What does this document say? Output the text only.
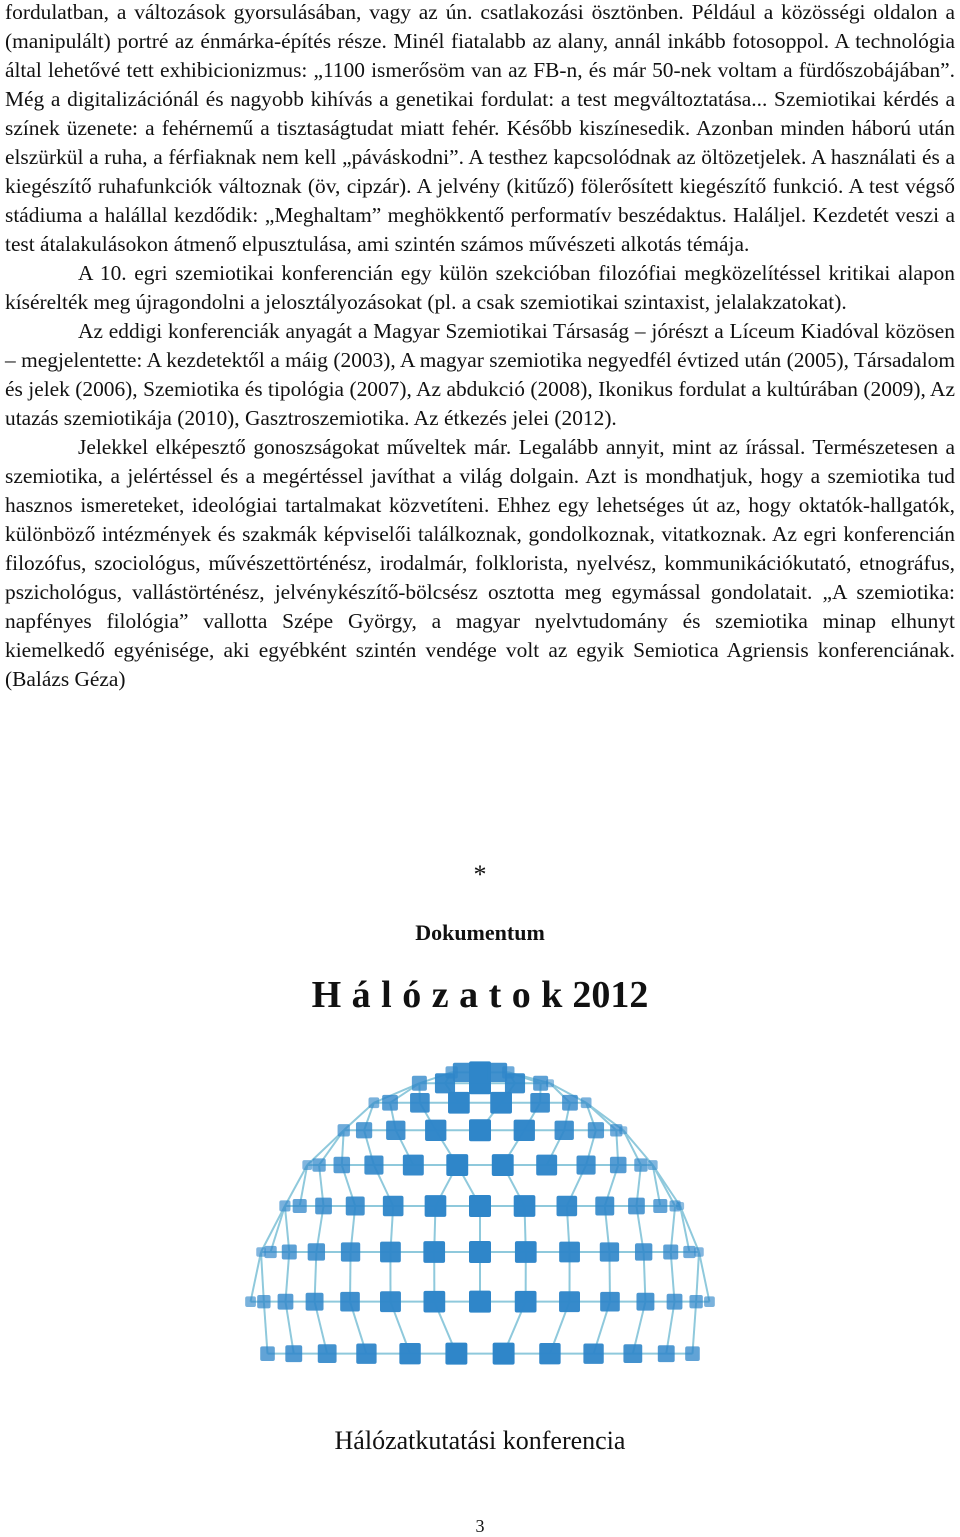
fordulatban, a változások gyorsulásában, vagy az ún. csatlakozási ösztönben. Például a közösségi oldalon a (manipulált) portré az énmárka-építés része. Minél fiatalabb az alany, annál inkább fotosoppol. A technológia által lehetővé tett exhibicionizmus: „1100 ismerősöm van az FB-n, és már 50-nek voltam a fürdőszobájában”. Még a digitalizációnál és nagyobb kihívás a genetikai fordulat: a test megváltoztatása... Szemiotikai kérdés a színek üzenete: a fehérnemű a tisztaságtudat miatt fehér. Később kiszínesedik. Azonban minden háború után elszürkül a ruha, a férfiaknak nem kell „páváskodni”. A testhez kapcsolódnak az öltözetjelek. A használati és a kiegészítő ruhafunkciók változnak (öv, cipzár). A jelvény (kitűző) fölerősített kiegészítő funkció. A test végső stádiuma a halállal kezdődik: „Meghaltam” meghökkentő performatív beszédaktus. Haláljel. Kezdetét veszi a test átalakulásokon átmenő elpusztulása, ami szintén számos művészeti alkotás témája.

A 10. egri szemiotikai konferencián egy külön szekcióban filozófiai megközelítéssel kritikai alapon kísérelték meg újragondolni a jelosztályozásokat (pl. a csak szemiotikai szintaxist, jelalakzatokat).

Az eddigi konferenciák anyagát a Magyar Szemiotikai Társaság – jórészt a Líceum Kiadóval közösen – megjelentette: A kezdetektől a máig (2003), A magyar szemiotika negyedfél évtized után (2005), Társadalom és jelek (2006), Szemiotika és tipológia (2007), Az abdukció (2008), Ikonikus fordulat a kultúrában (2009), Az utazás szemiotikája (2010), Gasztroszemiotika. Az étkezés jelei (2012).

Jelekkel elképesztő gonoszságokat műveltek már. Legalább annyit, mint az írással. Természetesen a szemiotika, a jelértéssel és a megértéssel javíthat a világ dolgain. Azt is mondhatjuk, hogy a szemiotika tud hasznos ismereteket, ideológiai tartalmakat közvetíteni. Ehhez egy lehetséges út az, hogy oktatók-hallgatók, különböző intézmények és szakmák képviselői találkoznak, gondolkoznak, vitatkoznak. Az egri konferencián filozófus, szociológus, művészettörténész, irodalmár, folklorista, nyelvész, kommunikációkutató, etnográfus, pszichológus, vallástörténész, jelvénykészítő-bölcsész osztotta meg egymással gondolatait. „A szemiotika: napfényes filológia” vallotta Szépe György, a magyar nyelvtudomány és szemiotika minap elhunyt kiemelkedő egyénisége, aki egyébként szintén vendége volt az egyik Semiotica Agriensis konferenciának. (Balázs Géza)

*
Dokumentum
H á l ó z a t o k 2012
Hálózatkutatási konferencia
3
